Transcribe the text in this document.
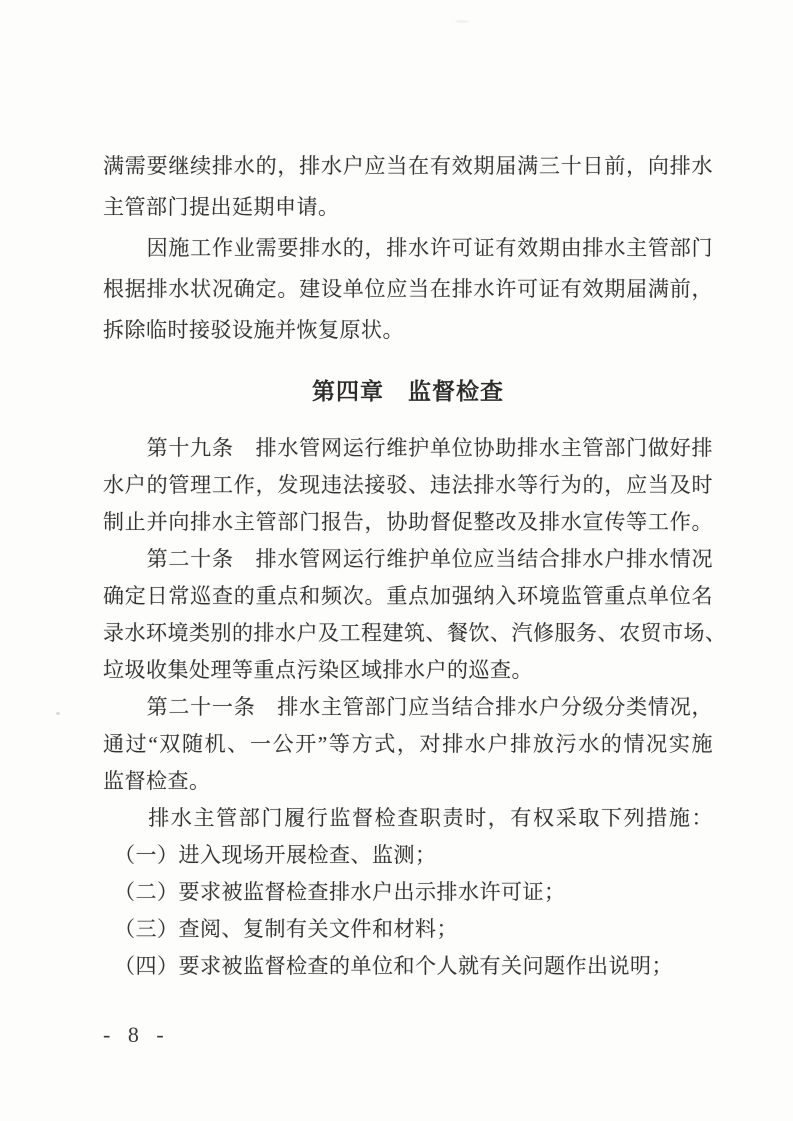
满需要继续排水的，排水户应当在有效期届满三十日前，向排水
主管部门提出延期申请。
　　因施工作业需要排水的，排水许可证有效期由排水主管部门
根据排水状况确定。建设单位应当在排水许可证有效期届满前，
拆除临时接驳设施并恢复原状。
第四章　监督检查
　　第十九条　排水管网运行维护单位协助排水主管部门做好排
水户的管理工作，发现违法接驳、违法排水等行为的，应当及时
制止并向排水主管部门报告，协助督促整改及排水宣传等工作。
　　第二十条　排水管网运行维护单位应当结合排水户排水情况
确定日常巡查的重点和频次。重点加强纳入环境监管重点单位名
录水环境类别的排水户及工程建筑、餐饮、汽修服务、农贸市场、
垃圾收集处理等重点污染区域排水户的巡查。
　　第二十一条　排水主管部门应当结合排水户分级分类情况，
通过“双随机、一公开”等方式，对排水户排放污水的情况实施
监督检查。
　　排水主管部门履行监督检查职责时，有权采取下列措施：
　（一）进入现场开展检查、监测；
　（二）要求被监督检查排水户出示排水许可证；
　（三）查阅、复制有关文件和材料；
　（四）要求被监督检查的单位和个人就有关问题作出说明；
- 8 -
